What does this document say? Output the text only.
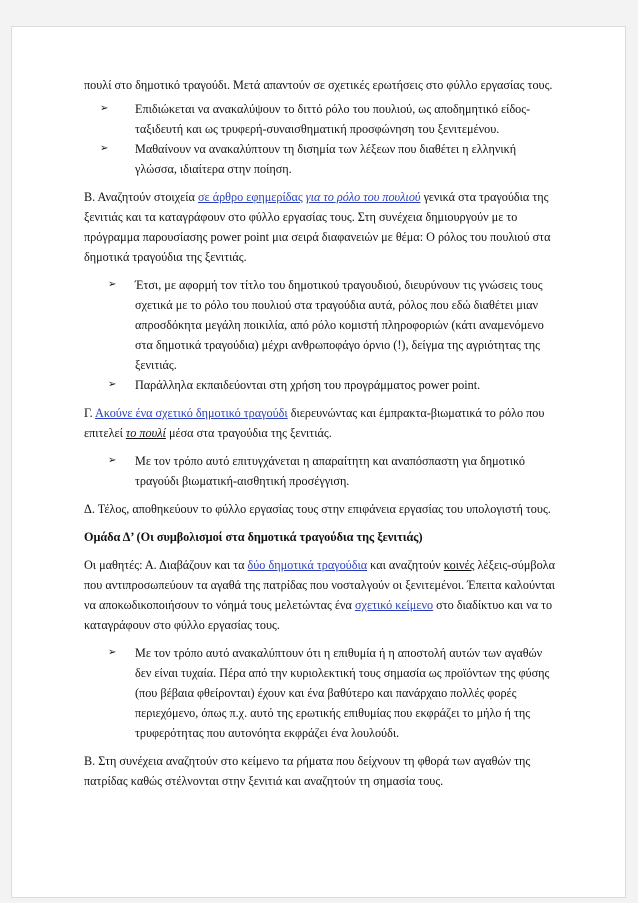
πουλί στο δημοτικό τραγούδι. Μετά απαντούν σε σχετικές ερωτήσεις στο φύλλο εργασίας τους.

➢ Επιδιώκεται να ανακαλύψουν το διττό ρόλο του πουλιού, ως αποδημητικό είδος-ταξιδευτή και ως τρυφερή-συναισθηματική προσφώνηση του ξενιτεμένου.
➢ Μαθαίνουν να ανακαλύπτουν τη δισημία των λέξεων που διαθέτει η ελληνική γλώσσα, ιδιαίτερα στην ποίηση.

Β. Αναζητούν στοιχεία σε άρθρο εφημερίδας για το ρόλο του πουλιού γενικά στα τραγούδια της ξενιτιάς και τα καταγράφουν στο φύλλο εργασίας τους. Στη συνέχεια δημιουργούν με το πρόγραμμα παρουσίασης power point μια σειρά διαφανειών με θέμα: Ο ρόλος του πουλιού στα δημοτικά τραγούδια της ξενιτιάς.

➢ Έτσι, με αφορμή τον τίτλο του δημοτικού τραγουδιού, διευρύνουν τις γνώσεις τους σχετικά με το ρόλο του πουλιού στα τραγούδια αυτά, ρόλος που εδώ διαθέτει μιαν απροσδόκητα μεγάλη ποικιλία, από ρόλο κομιστή πληροφοριών (κάτι αναμενόμενο στα δημοτικά τραγούδια) μέχρι ανθρωποφάγο όρνιο (!), δείγμα της αγριότητας της ξενιτιάς.
➢ Παράλληλα εκπαιδεύονται στη χρήση του προγράμματος power point.

Γ. Ακούνε ένα σχετικό δημοτικό τραγούδι διερευνώντας και έμπρακτα-βιωματικά το ρόλο που επιτελεί το πουλί μέσα στα τραγούδια της ξενιτιάς.

➢ Με τον τρόπο αυτό επιτυγχάνεται η απαραίτητη και αναπόσπαστη για δημοτικό τραγούδι βιωματική-αισθητική προσέγγιση.

Δ. Τέλος, αποθηκεύουν το φύλλο εργασίας τους στην επιφάνεια εργασίας του υπολογιστή τους.

Ομάδα Δ’ (Οι συμβολισμοί στα δημοτικά τραγούδια της ξενιτιάς)

Οι μαθητές: Α. Διαβάζουν και τα δύο δημοτικά τραγούδια και αναζητούν κοινές λέξεις-σύμβολα που αντιπροσωπεύουν τα αγαθά της πατρίδας που νοσταλγούν οι ξενιτεμένοι. Έπειτα καλούνται να αποκωδικοποιήσουν το νόημά τους μελετώντας ένα σχετικό κείμενο στο διαδίκτυο και να το καταγράφουν στο φύλλο εργασίας τους.

➢ Με τον τρόπο αυτό ανακαλύπτουν ότι η επιθυμία ή η αποστολή αυτών των αγαθών δεν είναι τυχαία. Πέρα από την κυριολεκτική τους σημασία ως προϊόντων της φύσης (που βέβαια φθείρονται) έχουν και ένα βαθύτερο και πανάρχαιο πολλές φορές περιεχόμενο, όπως π.χ. αυτό της ερωτικής επιθυμίας που εκφράζει το μήλο ή της τρυφερότητας που αυτονόητα εκφράζει ένα λουλούδι.

Β. Στη συνέχεια αναζητούν στο κείμενο τα ρήματα που δείχνουν τη φθορά των αγαθών της πατρίδας καθώς στέλνονται στην ξενιτιά και αναζητούν τη σημασία τους.
